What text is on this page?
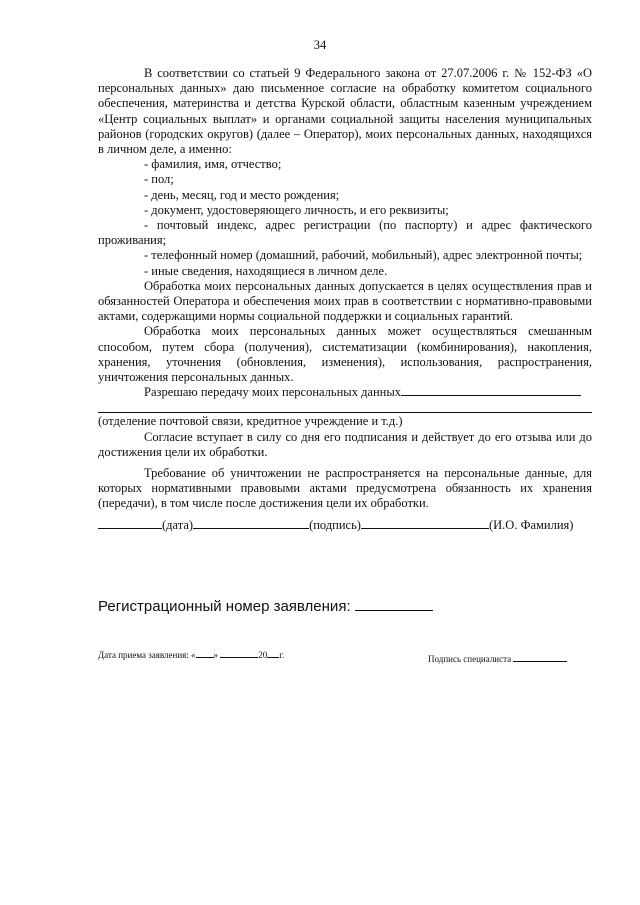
34

В соответствии со статьей 9 Федерального закона от 27.07.2006 г. № 152-ФЗ «О персональных данных» даю письменное согласие на обработку комитетом социального обеспечения, материнства и детства Курской области, областным казенным учреждением «Центр социальных выплат» и органами социальной защиты населения муниципальных районов (городских округов) (далее – Оператор), моих персональных данных, находящихся в личном деле, а именно:

- фамилия, имя, отчество;

- пол;

- день, месяц, год и место рождения;

- документ, удостоверяющего личность, и его реквизиты;

- почтовый индекс, адрес регистрации (по паспорту) и адрес фактического проживания;

- телефонный номер (домашний, рабочий, мобильный), адрес электронной почты;

- иные сведения, находящиеся в личном деле.

Обработка моих персональных данных допускается в целях осуществления прав и обязанностей Оператора и обеспечения моих прав в соответствии с нормативно-правовыми актами, содержащими нормы социальной поддержки и социальных гарантий.

Обработка моих персональных данных может осуществляться смешанным способом, путем сбора (получения), систематизации (комбинирования), накопления, хранения, уточнения (обновления, изменения), использования, распространения, уничтожения персональных данных.

Разрешаю передачу моих персональных данных

(отделение почтовой связи, кредитное учреждение и т.д.)

Согласие вступает в силу со дня его подписания и действует до его отзыва или до достижения цели их обработки.

Требование об уничтожении не распространяется на персональные данные, для которых нормативными правовыми актами предусмотрена обязанность их хранения (передачи), в том числе после достижения цели их обработки.

(дата)	(подпись)	(И.О. Фамилия)
Регистрационный номер заявления:
Дата приема заявления: « »	20 г.	Подпись специалиста
